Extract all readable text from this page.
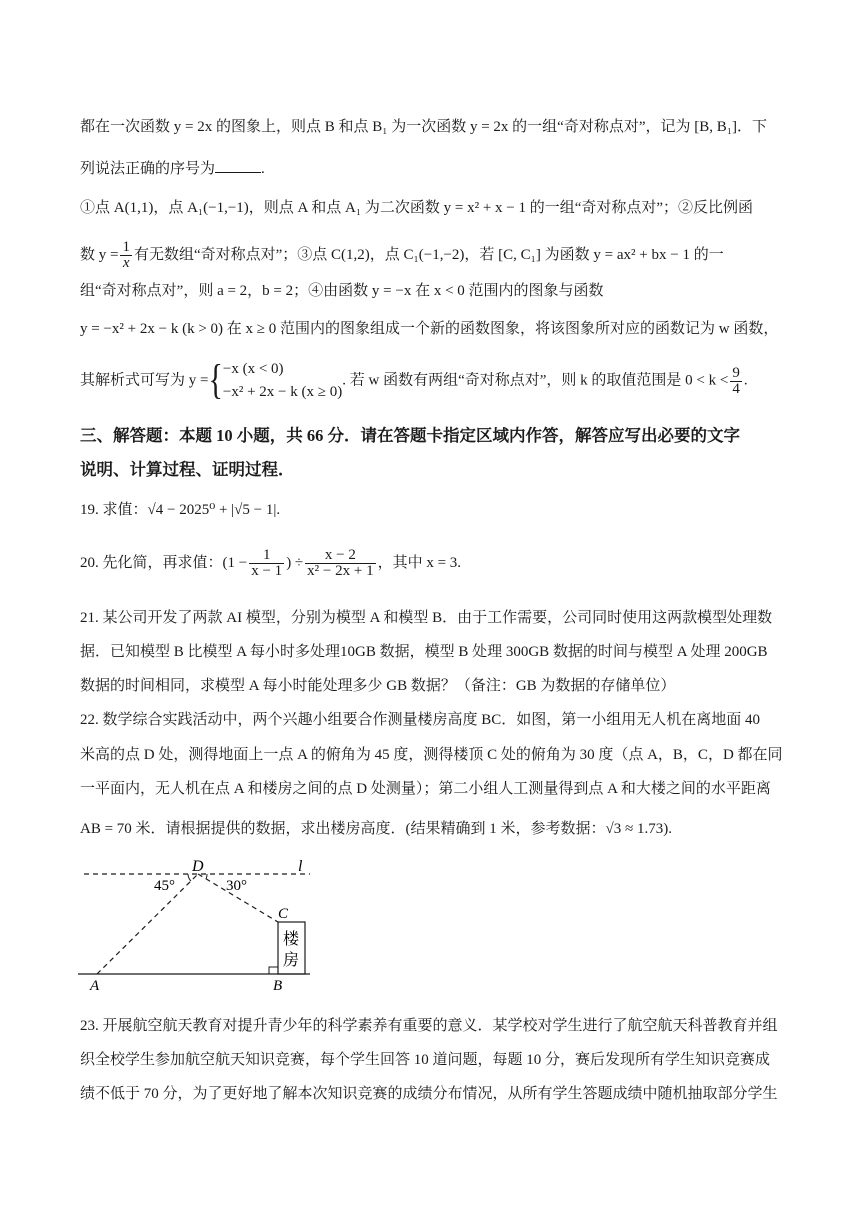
都在一次函数 y = 2x 的图象上，则点 B 和点 B₁ 为一次函数 y = 2x 的一组“奇对称点对”，记为 [B, B₁]．下
列说法正确的序号为	.
①点 A(1,1)，点 A₁(−1,−1)，则点 A 和点 A₁ 为二次函数 y = x² + x − 1 的一组“奇对称点对”；②反比例函
数 $y = \frac{1}{x}$ 有无数组“奇对称点对”；③点 C(1,2)，点 C₁(−1,−2)，若 [C, C₁] 为函数 y = ax² + bx − 1 的一
组“奇对称点对”，则 a = 2，b = 2；④由函数 y = −x 在 x < 0 范围内的图象与函数
y = −x² + 2x − k (k > 0) 在 x ≥ 0 范围内的图象组成一个新的函数图象，将该图象所对应的函数记为 w 函数，
其解析式可写为 y ={ −x (x < 0)
−x² + 2x − k (x ≥ 0)
. 若 w 函数有两组“奇对称点对”，则 k 的取值范围是 $0 < k < \frac{9}{4}$ .
三、解答题：本题 10 小题，共 66 分．请在答题卡指定区域内作答，解答应写出必要的文字
说明、计算过程、证明过程．
19. 求值：√4 − 2025⁰ + |√5 − 1|.
20. 先化简，再求值：($1 - \frac{1}{x - 1}$ ) ÷ $\frac{x - 2}{\text{x² − 2x + 1}}$ ，其中 x = 3.
21. 某公司开发了两款 AI 模型，分别为模型 A 和模型 B．由于工作需要，公司同时使用这两款模型处理数
据．已知模型 B 比模型 A 每小时多处理10GB 数据，模型 B 处理 300GB 数据的时间与模型 A 处理 200GB
数据的时间相同，求模型 A 每小时能处理多少 GB 数据？（备注：GB 为数据的存储单位）
22. 数学综合实践活动中，两个兴趣小组要合作测量楼房高度 BC．如图，第一小组用无人机在离地面 40
米高的点 D 处，测得地面上一点 A 的俯角为 45 度，测得楼顶 C 处的俯角为 30 度（点 A，B，C，D 都在同
一平面内，无人机在点 A 和楼房之间的点 D 处测量）；第二小组人工测量得到点 A 和大楼之间的水平距离
AB = 70 米．请根据提供的数据，求出楼房高度．(结果精确到 1 米，参考数据：√3 ≈ 1.73).
D	l
45°	30°
C
A	B
楼
房
23. 开展航空航天教育对提升青少年的科学素养有重要的意义．某学校对学生进行了航空航天科普教育并组
织全校学生参加航空航天知识竞赛，每个学生回答 10 道问题，每题 10 分，赛后发现所有学生知识竞赛成
绩不低于 70 分，为了更好地了解本次知识竞赛的成绩分布情况，从所有学生答题成绩中随机抽取部分学生
